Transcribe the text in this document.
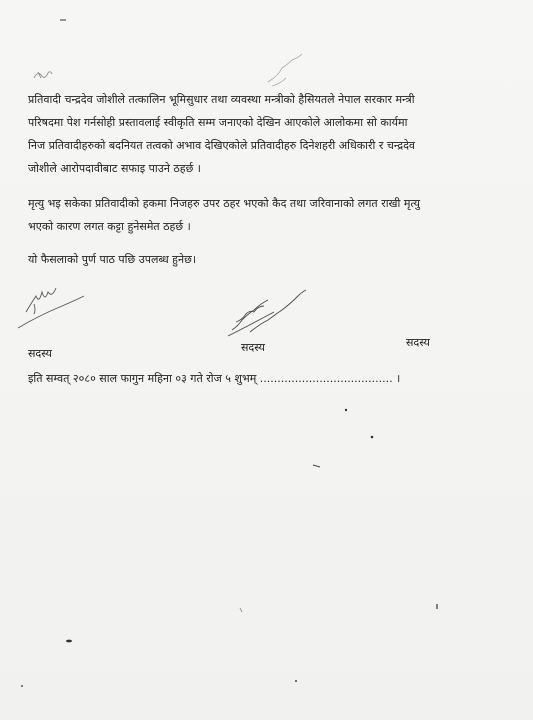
प्रतिवादी चन्द्रदेव जोशीले तत्कालिन भूमिसुधार तथा व्यवस्था मन्त्रीको हैसियतले नेपाल सरकार मन्त्री
परिषदमा पेश गर्नसोही प्रस्तावलाई स्वीकृति सम्म जनाएको देखिन आएकोले आलोकमा सो कार्यमा
निज प्रतिवादीहरुको बदनियत तत्वको अभाव देखिएकोले प्रतिवादीहरु दिनेशहरी अधिकारी र चन्द्रदेव
जोशीले आरोपदावीबाट सफाइ पाउने ठहर्छ ।

मृत्यु भइ सकेका प्रतिवादीको हकमा निजहरु उपर ठहर भएको कैद तथा जरिवानाको लगत राखी मृत्यु
भएको कारण लगत कट्टा हुनेसमेत ठहर्छ ।

यो फैसलाको पुर्ण पाठ पछि उपलब्ध हुनेछ।

सदस्य	सदस्य	सदस्य
इति सम्वत् २०८० साल फागुन महिना ०३ गते रोज ५ शुभम् ...................................... ।
